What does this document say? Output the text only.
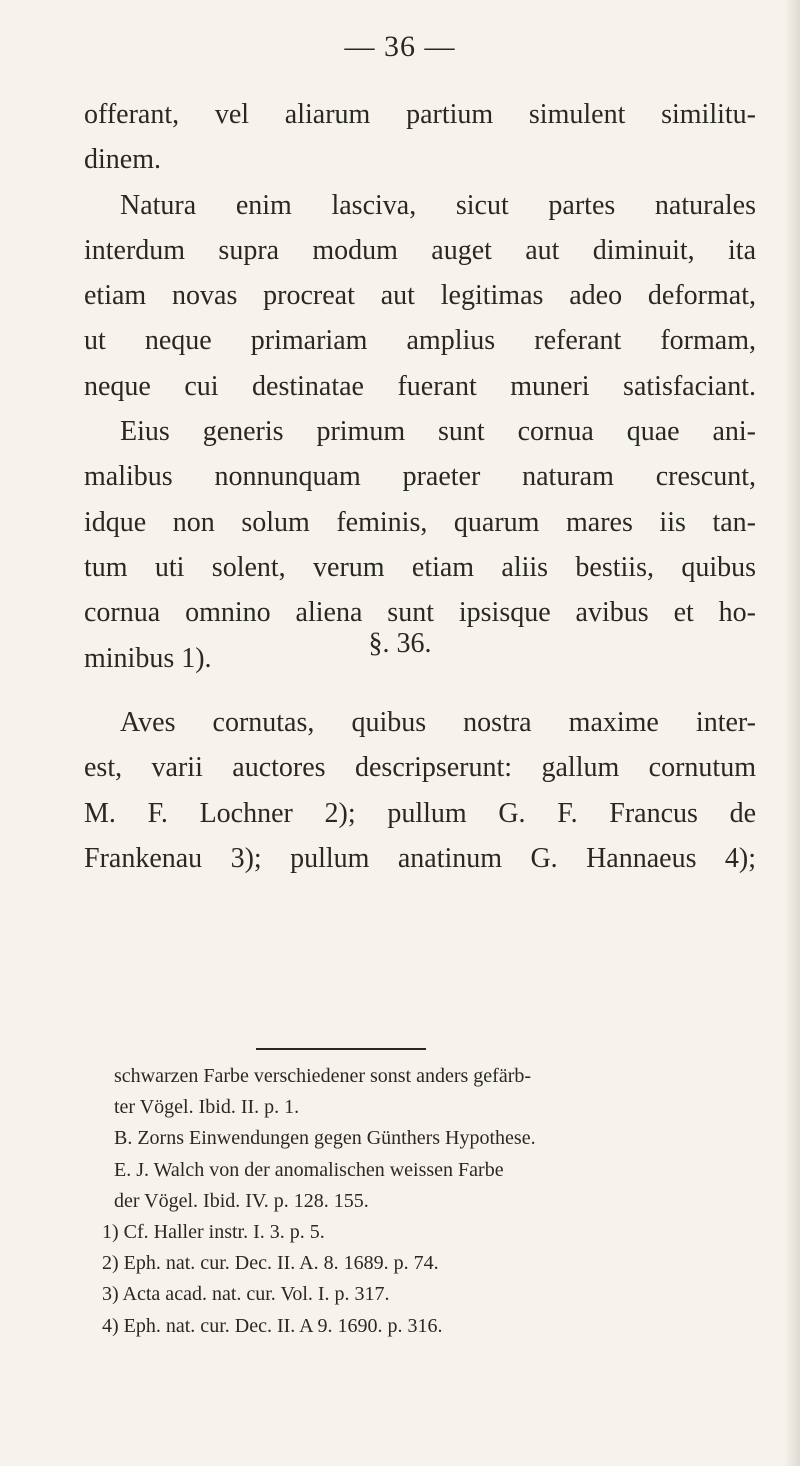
— 36 —
offerant, vel aliarum partium simulent similitu-
dinem.
Natura enim lasciva, sicut partes naturales
interdum supra modum auget aut diminuit, ita
etiam novas procreat aut legitimas adeo deformat,
ut neque primariam amplius referant formam,
neque cui destinatae fuerant muneri satisfaciant.
Eius generis primum sunt cornua quae ani-
malibus nonnunquam praeter naturam crescunt,
idque non solum feminis, quarum mares iis tan-
tum uti solent, verum etiam aliis bestiis, quibus
cornua omnino aliena sunt ipsisque avibus et ho-
minibus 1).	§. 36.
Aves cornutas, quibus nostra maxime inter-
est, varii auctores descripserunt: gallum cornutum
M. F. Lochner 2); pullum G. F. Francus de
Frankenau 3); pullum anatinum G. Hannaeus 4);
schwarzen Farbe verschiedener sonst anders gefärb-
ter Vögel. Ibid. II. p. 1.
B. Zorns Einwendungen gegen Günthers Hypothese.
E. J. Walch von der anomalischen weissen Farbe
der Vögel. Ibid. IV. p. 128. 155.
1) Cf. Haller instr. I. 3. p. 5.
2) Eph. nat. cur. Dec. II. A. 8. 1689. p. 74.
3) Acta acad. nat. cur. Vol. I. p. 317.
4) Eph. nat. cur. Dec. II. A 9. 1690. p. 316.
